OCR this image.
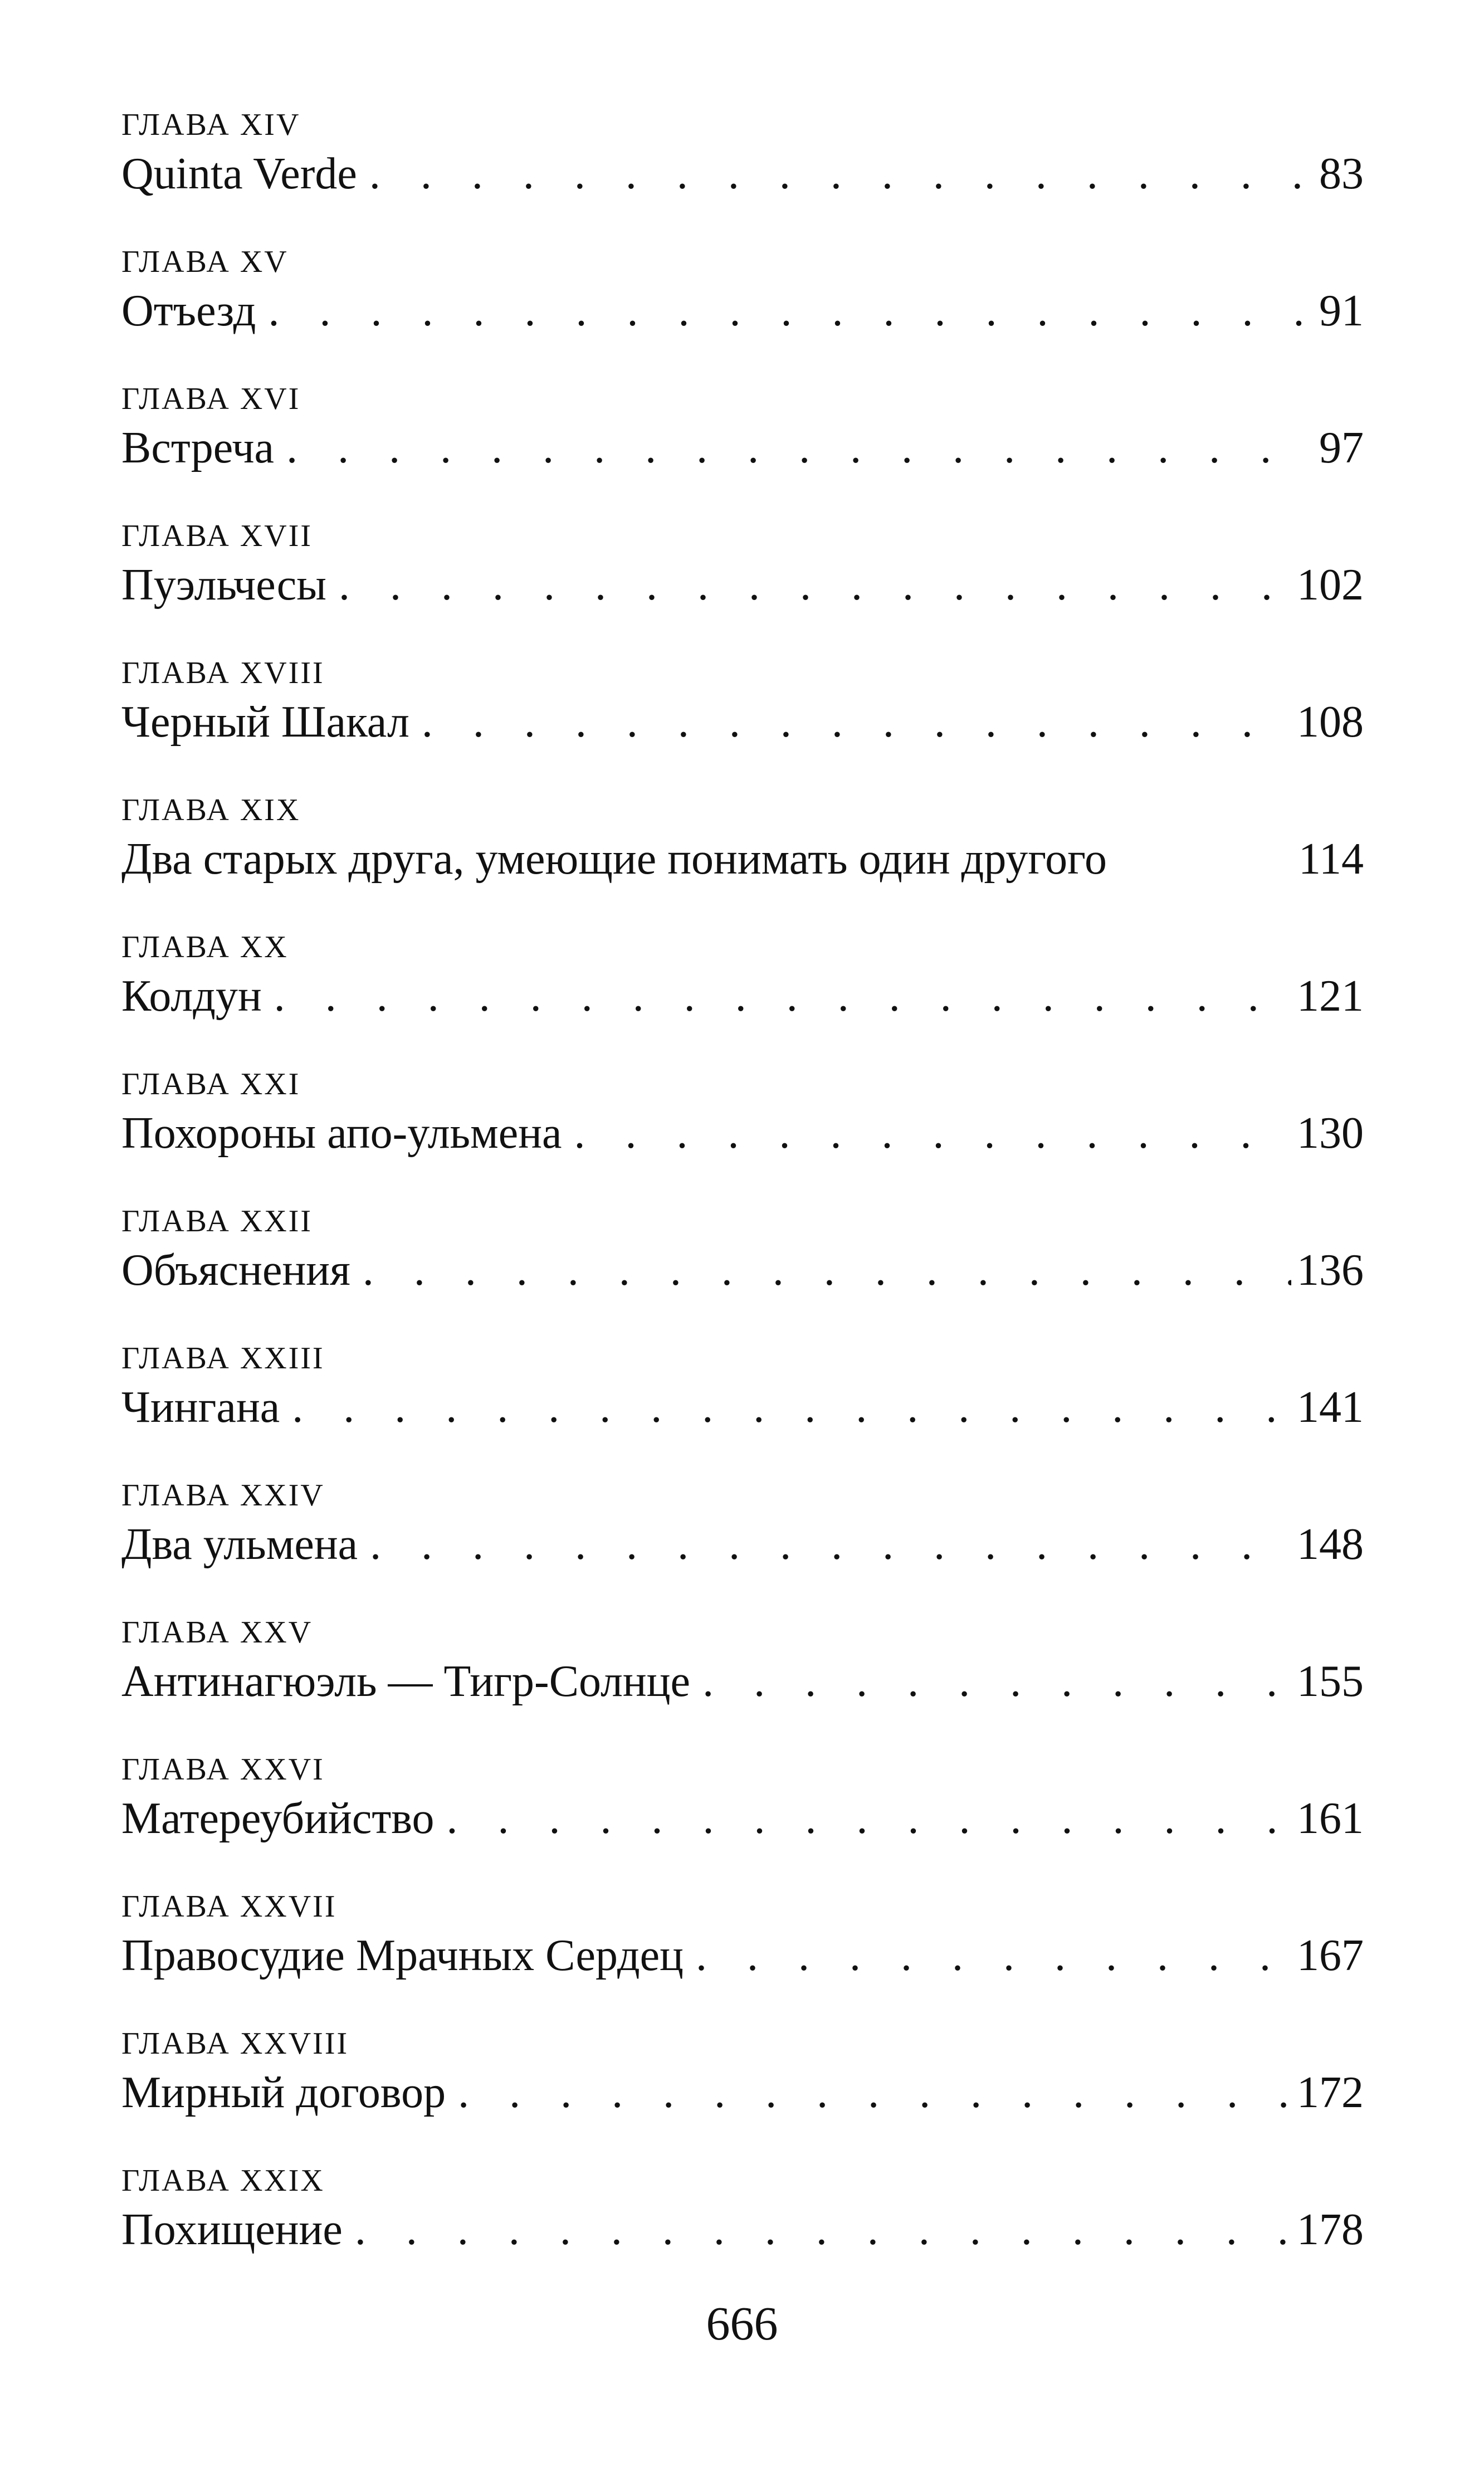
ГЛАВА XIV
Quinta Verde . . .	83
ГЛАВА XV
Отъезд . . .	91
ГЛАВА XVI
Встреча . . .	97
ГЛАВА XVII
Пуэльчесы . . .	102
ГЛАВА XVIII
Черный Шакал . . .	108
ГЛАВА XIX
Два старых друга, умеющие понимать один другого	114
ГЛАВА XX
Колдун . . .	121
ГЛАВА XXI
Похороны апо-ульмена . . .	130
ГЛАВА XXII
Объяснения . . .	136
ГЛАВА XXIII
Чингана . . .	141
ГЛАВА XXIV
Два ульмена . . .	148
ГЛАВА XXV
Антинагюэль — Тигр-Солнце . . .	155
ГЛАВА XXVI
Матереубийство . . .	161
ГЛАВА XXVII
Правосудие Мрачных Сердец . . .	167
ГЛАВА XXVIII
Мирный договор . . .	172
ГЛАВА XXIX
Похищение . . .	178
666
